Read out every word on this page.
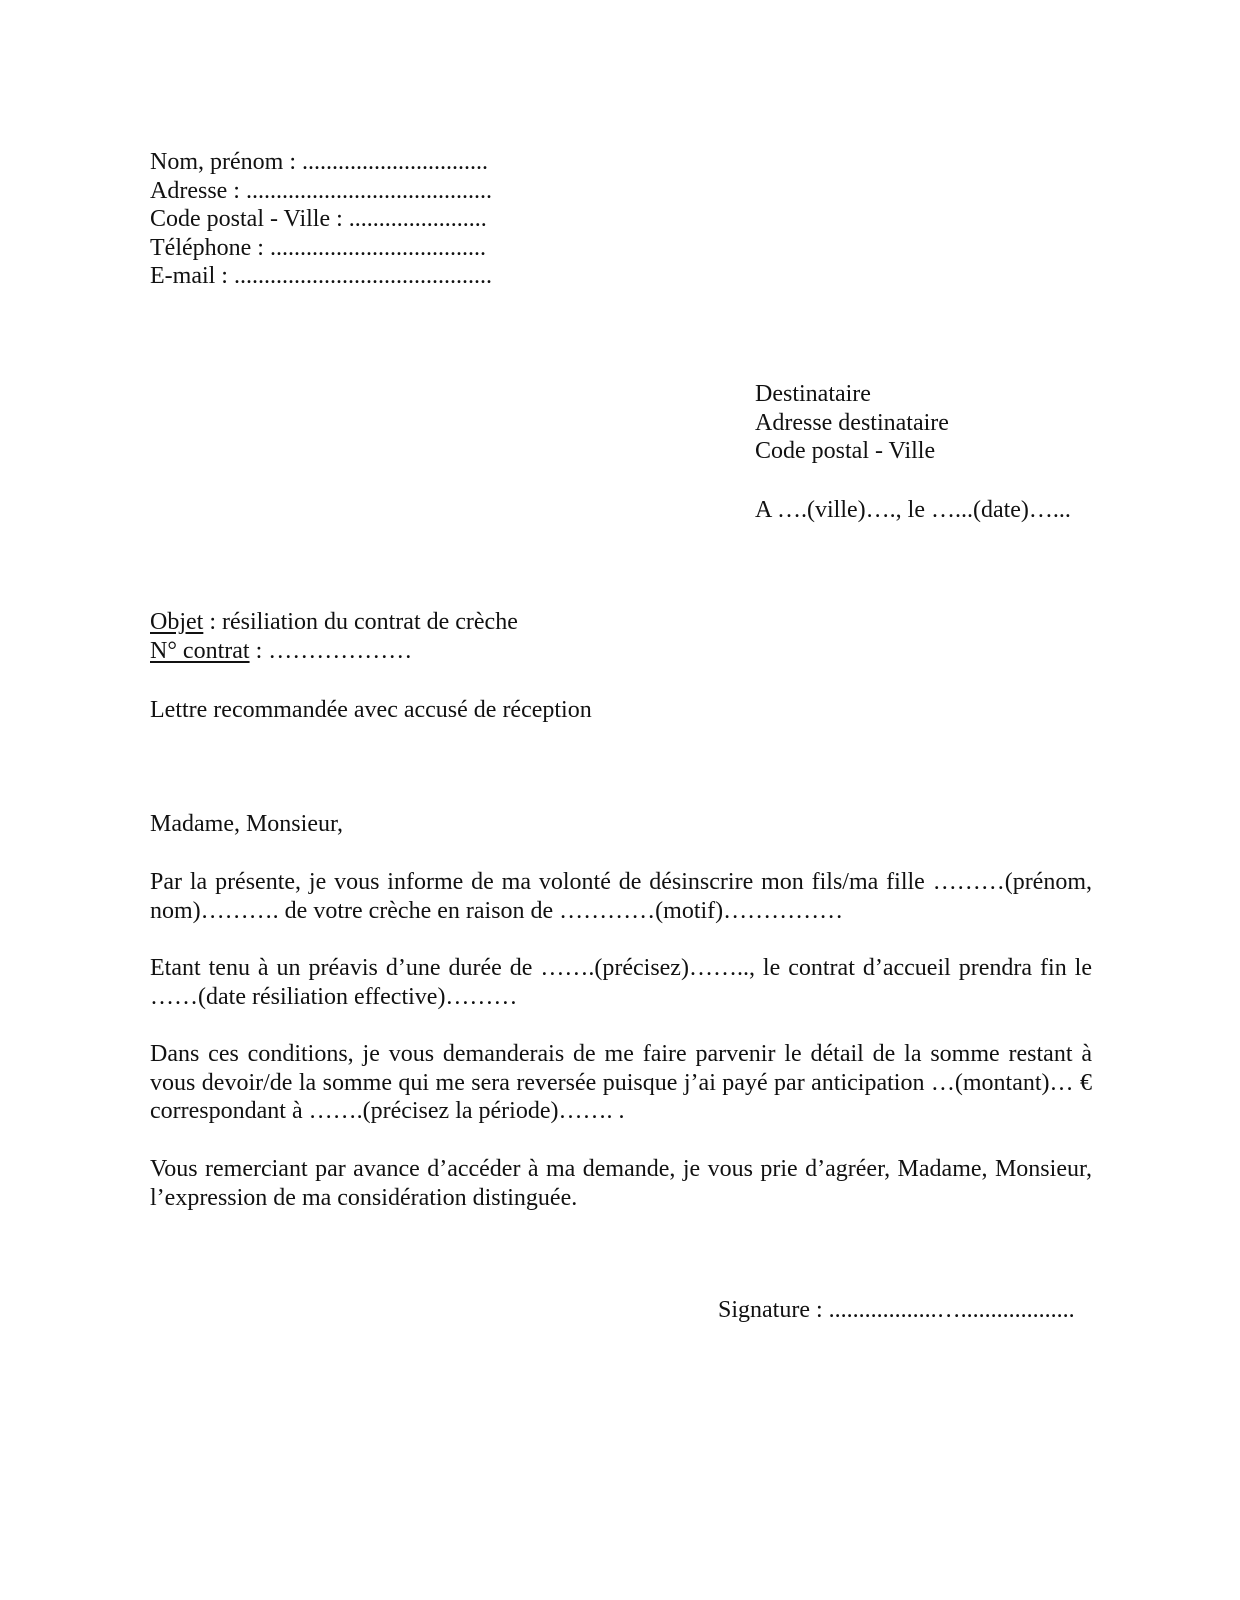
Nom, prénom : ...............................
Adresse : .........................................
Code postal - Ville : .......................
Téléphone : ....................................
E-mail : ...........................................
Destinataire
Adresse destinataire
Code postal - Ville
A ….(ville)…., le …...(date)…...
Objet : résiliation du contrat de crèche
N° contrat : ………………
Lettre recommandée avec accusé de réception
Madame, Monsieur,
Par la présente, je vous informe de ma volonté de désinscrire mon fils/ma fille ………(prénom, nom)………. de votre crèche en raison de …………(motif)……………
Etant tenu à un préavis d’une durée de …….(précisez)…….., le contrat d’accueil prendra fin le ……(date résiliation effective)………
Dans ces conditions, je vous demanderais de me faire parvenir le détail de la somme restant à vous devoir/de la somme qui me sera reversée puisque j’ai payé par anticipation …(montant)… € correspondant à …….(précisez la période)……. .
Vous remerciant par avance d’accéder à ma demande, je vous prie d’agréer, Madame, Monsieur, l’expression de ma considération distinguée.
Signature : ..................…...................
